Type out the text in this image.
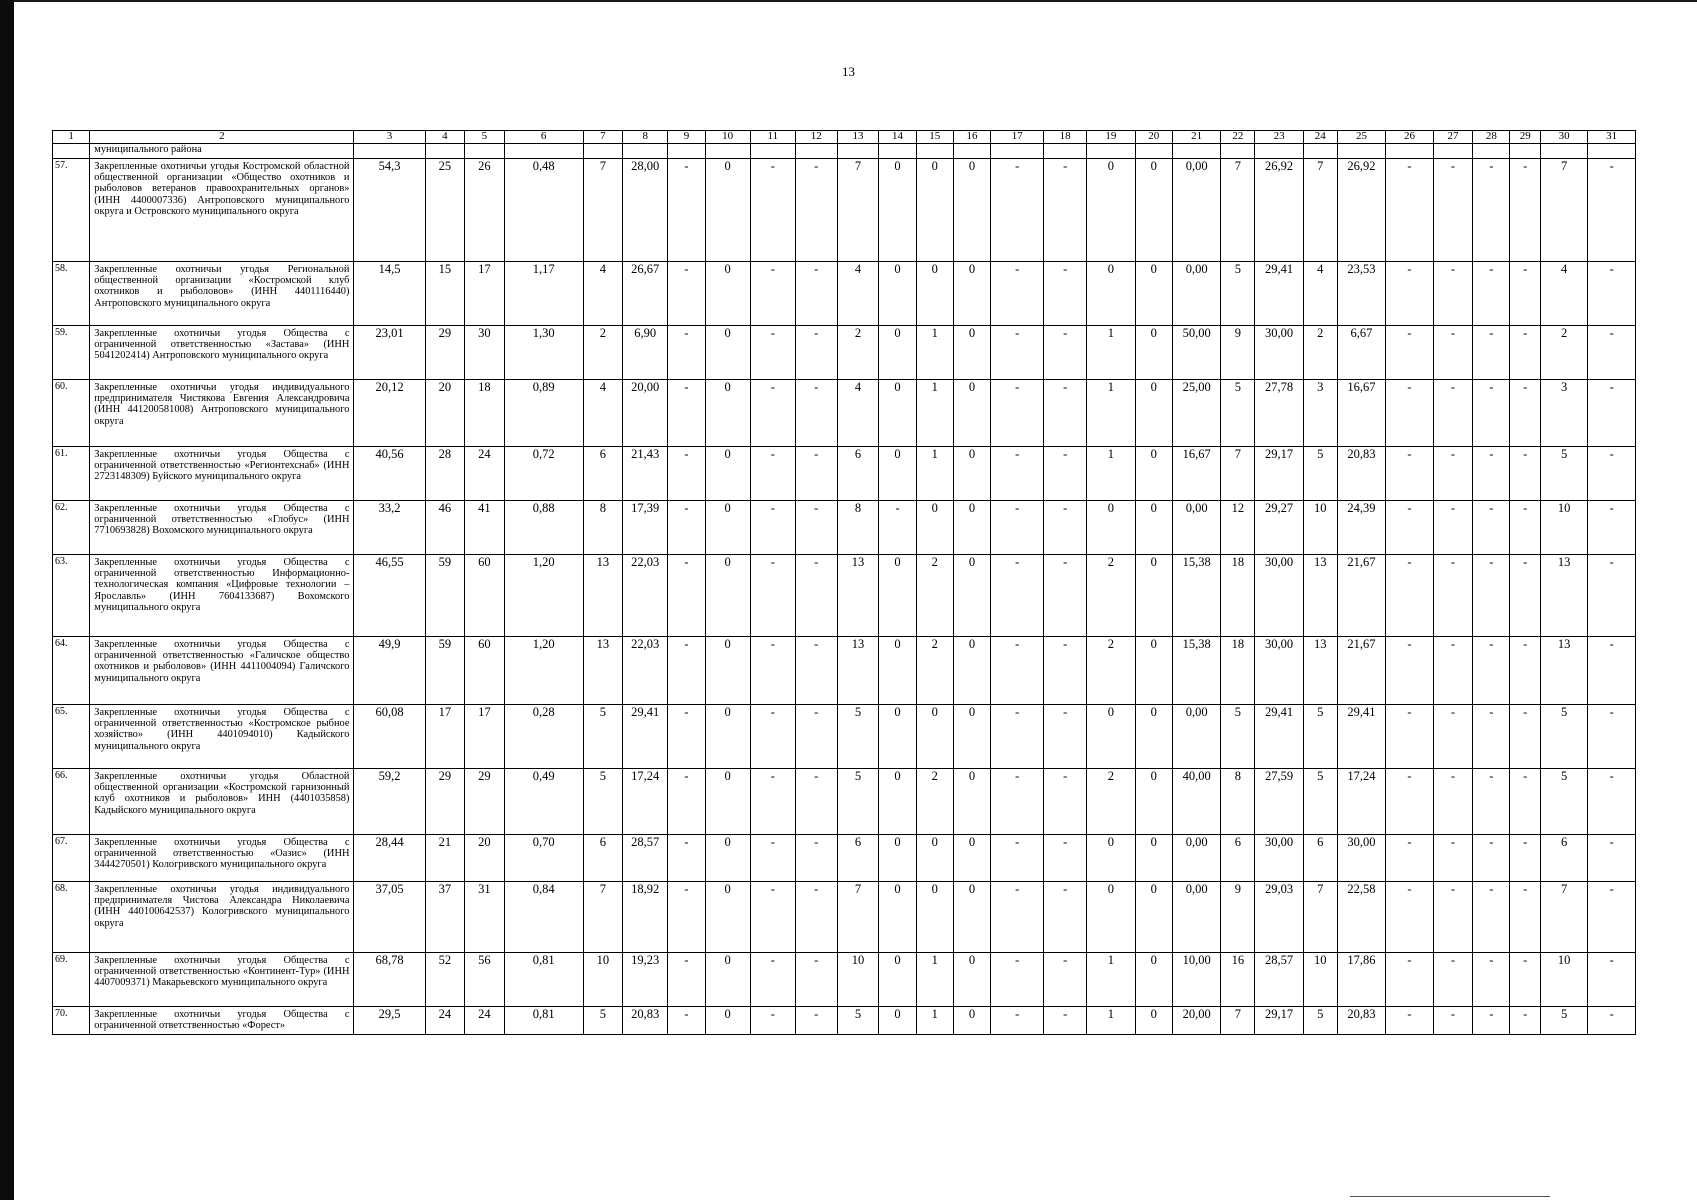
13
1	2	3	4	5	6	7	8	9	10	11	12	13	14	15	16	17	18	19	20	21	22	23	24	25	26	27	28	29	30	31
	муниципального района																													
57.	Закрепленные охотничьи угодья Костромской областной общественной организации «Общество охотников и рыболовов ветеранов правоохранительных органов» (ИНН 4400007336) Антроповского муниципального округа и Островского муниципального округа	54,3	25	26	0,48	7	28,00	-	0	-	-	7	0	0	0	-	-	0	0	0,00	7	26,92	7	26,92	-	-	-	-	7	-
58.	Закрепленные охотничьи угодья Региональной общественной организации «Костромской клуб охотников и рыболовов» (ИНН 4401116440) Антроповского муниципального округа	14,5	15	17	1,17	4	26,67	-	0	-	-	4	0	0	0	-	-	0	0	0,00	5	29,41	4	23,53	-	-	-	-	4	-
59.	Закрепленные охотничьи угодья Общества с ограниченной ответственностью «Застава» (ИНН 5041202414) Антроповского муниципального округа	23,01	29	30	1,30	2	6,90	-	0	-	-	2	0	1	0	-	-	1	0	50,00	9	30,00	2	6,67	-	-	-	-	2	-
60.	Закрепленные охотничьи угодья индивидуального предпринимателя Чистякова Евгения Александровича (ИНН 441200581008) Антроповского муниципального округа	20,12	20	18	0,89	4	20,00	-	0	-	-	4	0	1	0	-	-	1	0	25,00	5	27,78	3	16,67	-	-	-	-	3	-
61.	Закрепленные охотничьи угодья Общества с ограниченной ответственностью «Регионтехснаб» (ИНН 2723148309) Буйского муниципального округа	40,56	28	24	0,72	6	21,43	-	0	-	-	6	0	1	0	-	-	1	0	16,67	7	29,17	5	20,83	-	-	-	-	5	-
62.	Закрепленные охотничьи угодья Общества с ограниченной ответственностью «Глобус» (ИНН 7710693828) Вохомского муниципального округа	33,2	46	41	0,88	8	17,39	-	0	-	-	8	-	0	0	-	-	0	0	0,00	12	29,27	10	24,39	-	-	-	-	10	-
63.	Закрепленные охотничьи угодья Общества с ограниченной ответственностью Информационно-технологическая компания «Цифровые технологии – Ярославль» (ИНН 7604133687) Вохомского муниципального округа	46,55	59	60	1,20	13	22,03	-	0	-	-	13	0	2	0	-	-	2	0	15,38	18	30,00	13	21,67	-	-	-	-	13	-
64.	Закрепленные охотничьи угодья Общества с ограниченной ответственностью «Галичское общество охотников и рыболовов» (ИНН 4411004094) Галичского муниципального округа	49,9	59	60	1,20	13	22,03	-	0	-	-	13	0	2	0	-	-	2	0	15,38	18	30,00	13	21,67	-	-	-	-	13	-
65.	Закрепленные охотничьи угодья Общества с ограниченной ответственностью «Костромское рыбное хозяйство» (ИНН 4401094010) Кадыйского муниципального округа	60,08	17	17	0,28	5	29,41	-	0	-	-	5	0	0	0	-	-	0	0	0,00	5	29,41	5	29,41	-	-	-	-	5	-
66.	Закрепленные охотничьи угодья Областной общественной организации «Костромской гарнизонный клуб охотников и рыболовов» ИНН (4401035858) Кадыйского муниципального округа	59,2	29	29	0,49	5	17,24	-	0	-	-	5	0	2	0	-	-	2	0	40,00	8	27,59	5	17,24	-	-	-	-	5	-
67.	Закрепленные охотничьи угодья Общества с ограниченной ответственностью «Оазис» (ИНН 3444270501) Кологривского муниципального округа	28,44	21	20	0,70	6	28,57	-	0	-	-	6	0	0	0	-	-	0	0	0,00	6	30,00	6	30,00	-	-	-	-	6	-
68.	Закрепленные охотничьи угодья индивидуального предпринимателя Чистова Александра Николаевича (ИНН 440100642537) Кологривского муниципального округа	37,05	37	31	0,84	7	18,92	-	0	-	-	7	0	0	0	-	-	0	0	0,00	9	29,03	7	22,58	-	-	-	-	7	-
69.	Закрепленные охотничьи угодья Общества с ограниченной ответственностью «Континент-Тур» (ИНН 4407009371) Макарьевского муниципального округа	68,78	52	56	0,81	10	19,23	-	0	-	-	10	0	1	0	-	-	1	0	10,00	16	28,57	10	17,86	-	-	-	-	10	-
70.	Закрепленные охотничьи угодья Общества с ограниченной ответственностью «Форест»	29,5	24	24	0,81	5	20,83	-	0	-	-	5	0	1	0	-	-	1	0	20,00	7	29,17	5	20,83	-	-	-	-	5	-
